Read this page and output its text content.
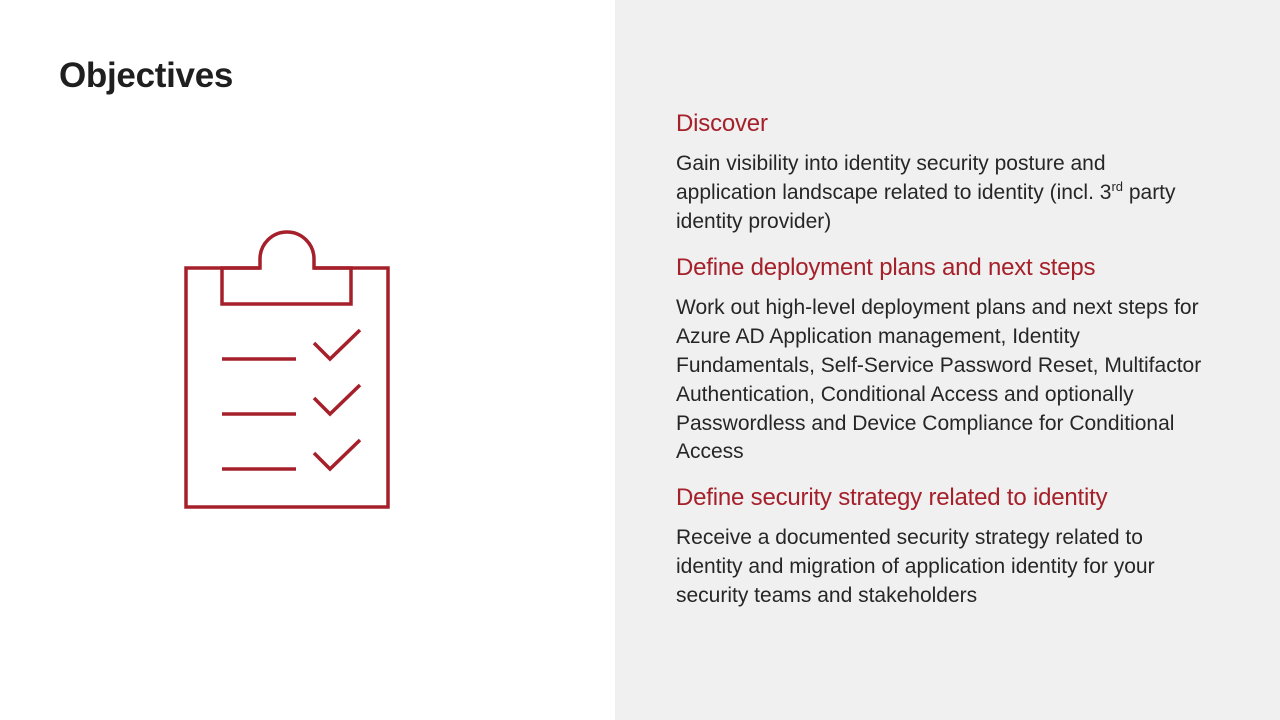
Objectives
Discover

Gain visibility into identity security posture and application landscape related to identity (incl. 3rd party identity provider)

Define deployment plans and next steps

Work out high-level deployment plans and next steps for Azure AD Application management, Identity Fundamentals, Self-Service Password Reset, Multifactor Authentication, Conditional Access and optionally Passwordless and Device Compliance for Conditional Access

Define security strategy related to identity

Receive a documented security strategy related to identity and migration of application identity for your security teams and stakeholders
